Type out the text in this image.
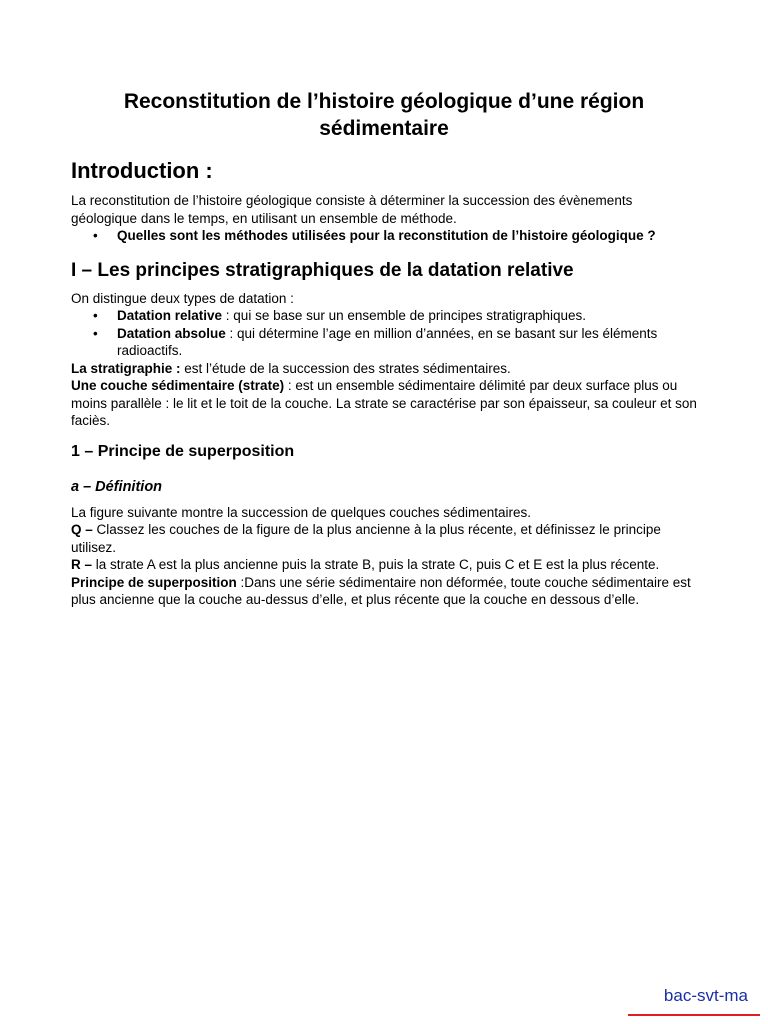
Reconstitution de l’histoire géologique d’une région
sédimentaire
Introduction :

La reconstitution de l’histoire géologique consiste à déterminer la succession des évènements géologique dans le temps, en utilisant un ensemble de méthode.

• Quelles sont les méthodes utilisées pour la reconstitution de l’histoire géologique ?
I – Les principes stratigraphiques de la datation relative

On distingue deux types de datation :

• Datation relative : qui se base sur un ensemble de principes stratigraphiques.
• Datation absolue : qui détermine l’age en million d’années, en se basant sur les éléments radioactifs.

La stratigraphie : est l’étude de la succession des strates sédimentaires.

Une couche sédimentaire (strate) : est un ensemble sédimentaire délimité par deux surface plus ou moins parallèle : le lit et le toit de la couche. La strate se caractérise par son épaisseur, sa couleur et son faciès.

1 – Principe de superposition
a – Définition

La figure suivante montre la succession de quelques couches sédimentaires.

Q – Classez les couches de la figure de la plus ancienne à la plus récente, et définissez le principe utilisez.

R – la strate A est la plus ancienne puis la strate B, puis la strate C, puis C et E est la plus récente.

Principe de superposition :Dans une série sédimentaire non déformée, toute couche sédimentaire est plus ancienne que la couche au-dessus d’elle, et plus récente que la couche en dessous d’elle.

bac-svt-ma
